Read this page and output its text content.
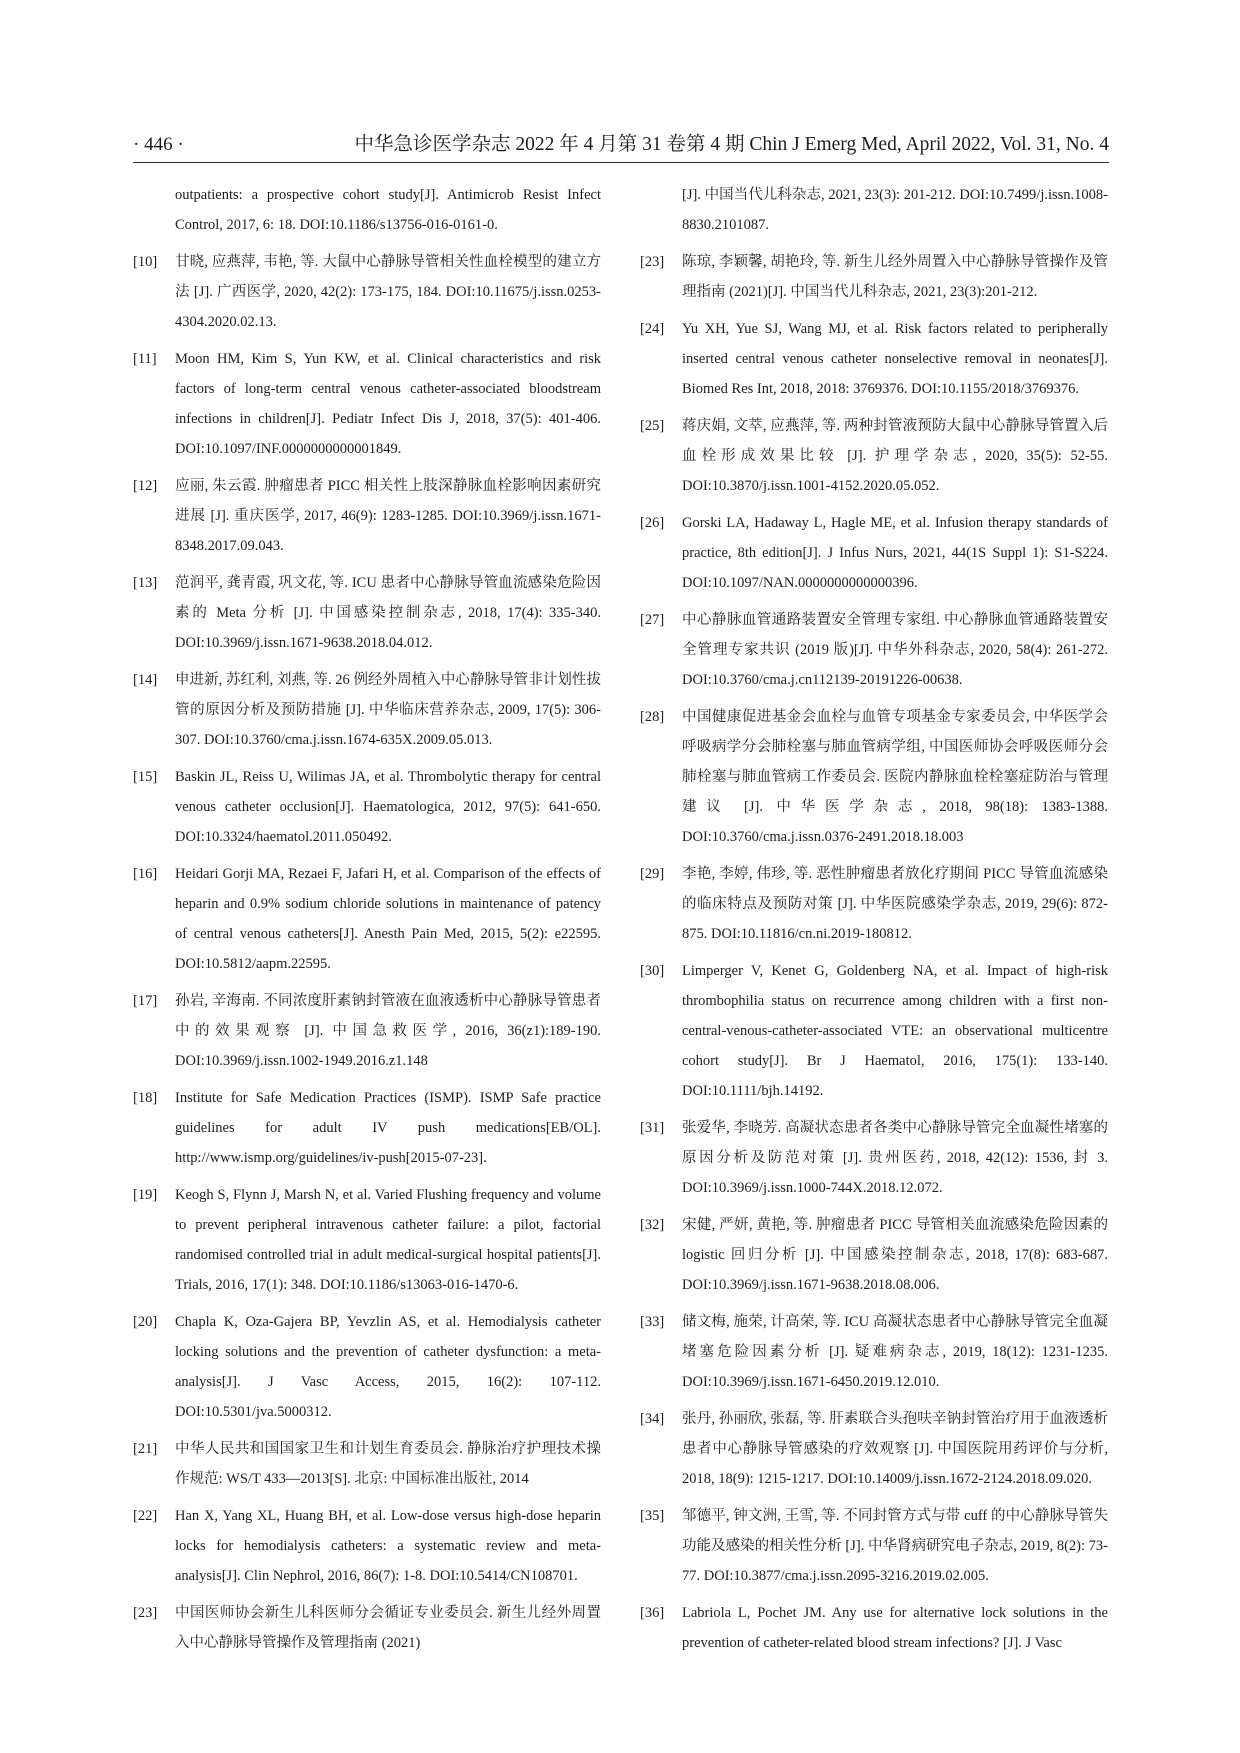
· 446 ·	中华急诊医学杂志 2022 年 4 月第 31 卷第 4 期 Chin J Emerg Med, April 2022, Vol. 31, No. 4
outpatients: a prospective cohort study[J]. Antimicrob Resist Infect Control, 2017, 6: 18. DOI:10.1186/s13756-016-0161-0.
[10] 甘晓, 应燕萍, 韦艳, 等. 大鼠中心静脉导管相关性血栓模型的建立方法 [J]. 广西医学, 2020, 42(2): 173-175, 184. DOI:10.11675/j.issn.0253-4304.2020.02.13.
[11] Moon HM, Kim S, Yun KW, et al. Clinical characteristics and risk factors of long-term central venous catheter-associated bloodstream infections in children[J]. Pediatr Infect Dis J, 2018, 37(5): 401-406. DOI:10.1097/INF.0000000000001849.
[12] 应丽, 朱云霞. 肿瘤患者 PICC 相关性上肢深静脉血栓影响因素研究进展 [J]. 重庆医学, 2017, 46(9): 1283-1285. DOI:10.3969/j.issn.1671-8348.2017.09.043.
[13] 范润平, 龚青霞, 巩文花, 等. ICU 患者中心静脉导管血流感染危险因素的 Meta 分析 [J]. 中国感染控制杂志, 2018, 17(4): 335-340. DOI:10.3969/j.issn.1671-9638.2018.04.012.
[14] 申进新, 苏红利, 刘燕, 等. 26 例经外周植入中心静脉导管非计划性拔管的原因分析及预防措施 [J]. 中华临床营养杂志, 2009, 17(5): 306-307. DOI:10.3760/cma.j.issn.1674-635X.2009.05.013.
[15] Baskin JL, Reiss U, Wilimas JA, et al. Thrombolytic therapy for central venous catheter occlusion[J]. Haematologica, 2012, 97(5): 641-650. DOI:10.3324/haematol.2011.050492.
[16] Heidari Gorji MA, Rezaei F, Jafari H, et al. Comparison of the effects of heparin and 0.9% sodium chloride solutions in maintenance of patency of central venous catheters[J]. Anesth Pain Med, 2015, 5(2): e22595. DOI:10.5812/aapm.22595.
[17] 孙岩, 辛海南. 不同浓度肝素钠封管液在血液透析中心静脉导管患者中的效果观察 [J]. 中国急救医学, 2016, 36(z1):189-190. DOI:10.3969/j.issn.1002-1949.2016.z1.148
[18] Institute for Safe Medication Practices (ISMP). ISMP Safe practice guidelines for adult IV push medications[EB/OL]. http://www.ismp.org/guidelines/iv-push[2015-07-23].
[19] Keogh S, Flynn J, Marsh N, et al. Varied Flushing frequency and volume to prevent peripheral intravenous catheter failure: a pilot, factorial randomised controlled trial in adult medical-surgical hospital patients[J]. Trials, 2016, 17(1): 348. DOI:10.1186/s13063-016-1470-6.
[20] Chapla K, Oza-Gajera BP, Yevzlin AS, et al. Hemodialysis catheter locking solutions and the prevention of catheter dysfunction: a meta-analysis[J]. J Vasc Access, 2015, 16(2): 107-112. DOI:10.5301/jva.5000312.
[21] 中华人民共和国国家卫生和计划生育委员会. 静脉治疗护理技术操作规范: WS/T 433—2013[S]. 北京: 中国标准出版社, 2014
[22] Han X, Yang XL, Huang BH, et al. Low-dose versus high-dose heparin locks for hemodialysis catheters: a systematic review and meta-analysis[J]. Clin Nephrol, 2016, 86(7): 1-8. DOI:10.5414/CN108701.
[23] 中国医师协会新生儿科医师分会循证专业委员会. 新生儿经外周置入中心静脉导管操作及管理指南 (2021)
[J]. 中国当代儿科杂志, 2021, 23(3): 201-212. DOI:10.7499/j.issn.1008-8830.2101087.
[23] 陈琼, 李颖馨, 胡艳玲, 等. 新生儿经外周置入中心静脉导管操作及管理指南 (2021)[J]. 中国当代儿科杂志, 2021, 23(3):201-212.
[24] Yu XH, Yue SJ, Wang MJ, et al. Risk factors related to peripherally inserted central venous catheter nonselective removal in neonates[J]. Biomed Res Int, 2018, 2018: 3769376. DOI:10.1155/2018/3769376.
[25] 蒋庆娟, 文萃, 应燕萍, 等. 两种封管液预防大鼠中心静脉导管置入后血栓形成效果比较 [J]. 护理学杂志, 2020, 35(5): 52-55. DOI:10.3870/j.issn.1001-4152.2020.05.052.
[26] Gorski LA, Hadaway L, Hagle ME, et al. Infusion therapy standards of practice, 8th edition[J]. J Infus Nurs, 2021, 44(1S Suppl 1): S1-S224. DOI:10.1097/NAN.0000000000000396.
[27] 中心静脉血管通路装置安全管理专家组. 中心静脉血管通路装置安全管理专家共识 (2019 版)[J]. 中华外科杂志, 2020, 58(4): 261-272. DOI:10.3760/cma.j.cn112139-20191226-00638.
[28] 中国健康促进基金会血栓与血管专项基金专家委员会, 中华医学会呼吸病学分会肺栓塞与肺血管病学组, 中国医师协会呼吸医师分会肺栓塞与肺血管病工作委员会. 医院内静脉血栓栓塞症防治与管理建议 [J]. 中华医学杂志, 2018, 98(18): 1383-1388. DOI:10.3760/cma.j.issn.0376-2491.2018.18.003
[29] 李艳, 李婷, 伟珍, 等. 恶性肿瘤患者放化疗期间 PICC 导管血流感染的临床特点及预防对策 [J]. 中华医院感染学杂志, 2019, 29(6): 872-875. DOI:10.11816/cn.ni.2019-180812.
[30] Limperger V, Kenet G, Goldenberg NA, et al. Impact of high-risk thrombophilia status on recurrence among children with a first non-central-venous-catheter-associated VTE: an observational multicentre cohort study[J]. Br J Haematol, 2016, 175(1): 133-140. DOI:10.1111/bjh.14192.
[31] 张爱华, 李晓芳. 高凝状态患者各类中心静脉导管完全血凝性堵塞的原因分析及防范对策 [J]. 贵州医药, 2018, 42(12): 1536, 封 3. DOI:10.3969/j.issn.1000-744X.2018.12.072.
[32] 宋健, 严妍, 黄艳, 等. 肿瘤患者 PICC 导管相关血流感染危险因素的 logistic 回归分析 [J]. 中国感染控制杂志, 2018, 17(8): 683-687. DOI:10.3969/j.issn.1671-9638.2018.08.006.
[33] 储文梅, 施荣, 计高荣, 等. ICU 高凝状态患者中心静脉导管完全血凝堵塞危险因素分析 [J]. 疑难病杂志, 2019, 18(12): 1231-1235. DOI:10.3969/j.issn.1671-6450.2019.12.010.
[34] 张丹, 孙丽欣, 张磊, 等. 肝素联合头孢呋辛钠封管治疗用于血液透析患者中心静脉导管感染的疗效观察 [J]. 中国医院用药评价与分析, 2018, 18(9): 1215-1217. DOI:10.14009/j.issn.1672-2124.2018.09.020.
[35] 邹德平, 钟文洲, 王雪, 等. 不同封管方式与带 cuff 的中心静脉导管失功能及感染的相关性分析 [J]. 中华肾病研究电子杂志, 2019, 8(2): 73-77. DOI:10.3877/cma.j.issn.2095-3216.2019.02.005.
[36] Labriola L, Pochet JM. Any use for alternative lock solutions in the prevention of catheter-related blood stream infections? [J]. J Vasc
